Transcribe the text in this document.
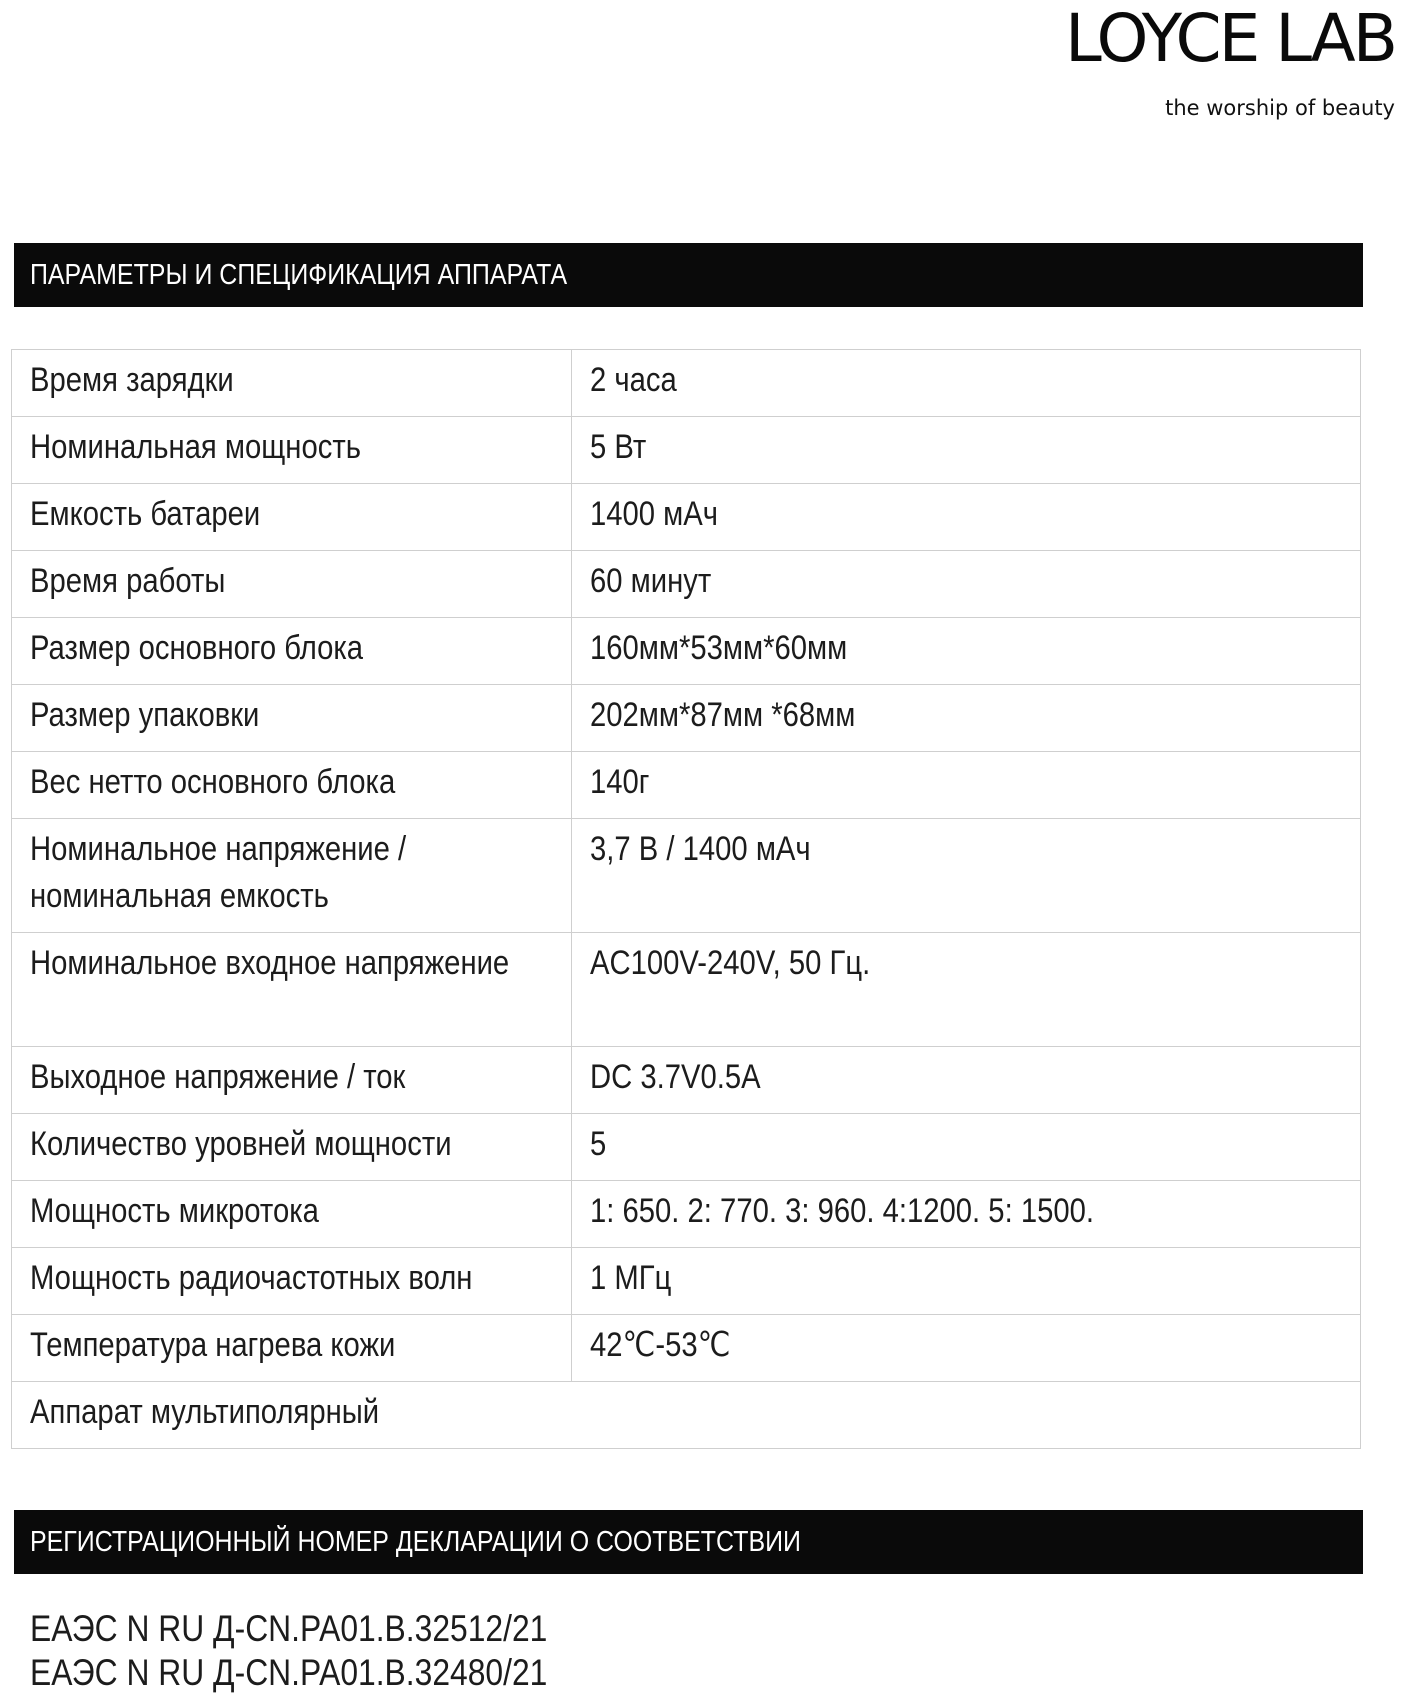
LOYCE LAB
the worship of beauty
ПАРАМЕТРЫ И СПЕЦИФИКАЦИЯ АППАРАТА
Время зарядки	2 часа
Номинальная мощность	5 Вт
Емкость батареи	1400 мАч
Время работы	60 минут
Размер основного блока	160мм*53мм*60мм
Размер упаковки	202мм*87мм *68мм
Вес нетто основного блока	140г
Номинальное напряжение / номинальная емкость	3,7 В / 1400 мАч
Номинальное входное напряжение	AC100V-240V, 50 Гц.
Выходное напряжение / ток	DC 3.7V0.5A
Количество уровней мощности	5
Мощность микротока	1: 650. 2: 770. 3: 960. 4:1200. 5: 1500.
Мощность радиочастотных волн	1 МГц
Температура нагрева кожи	42℃-53℃
Аппарат мультиполярный	
РЕГИСТРАЦИОННЫЙ НОМЕР ДЕКЛАРАЦИИ О СООТВЕТСТВИИ
ЕАЭС N RU Д-CN.РА01.В.32512/21
ЕАЭС N RU Д-CN.РА01.В.32480/21
